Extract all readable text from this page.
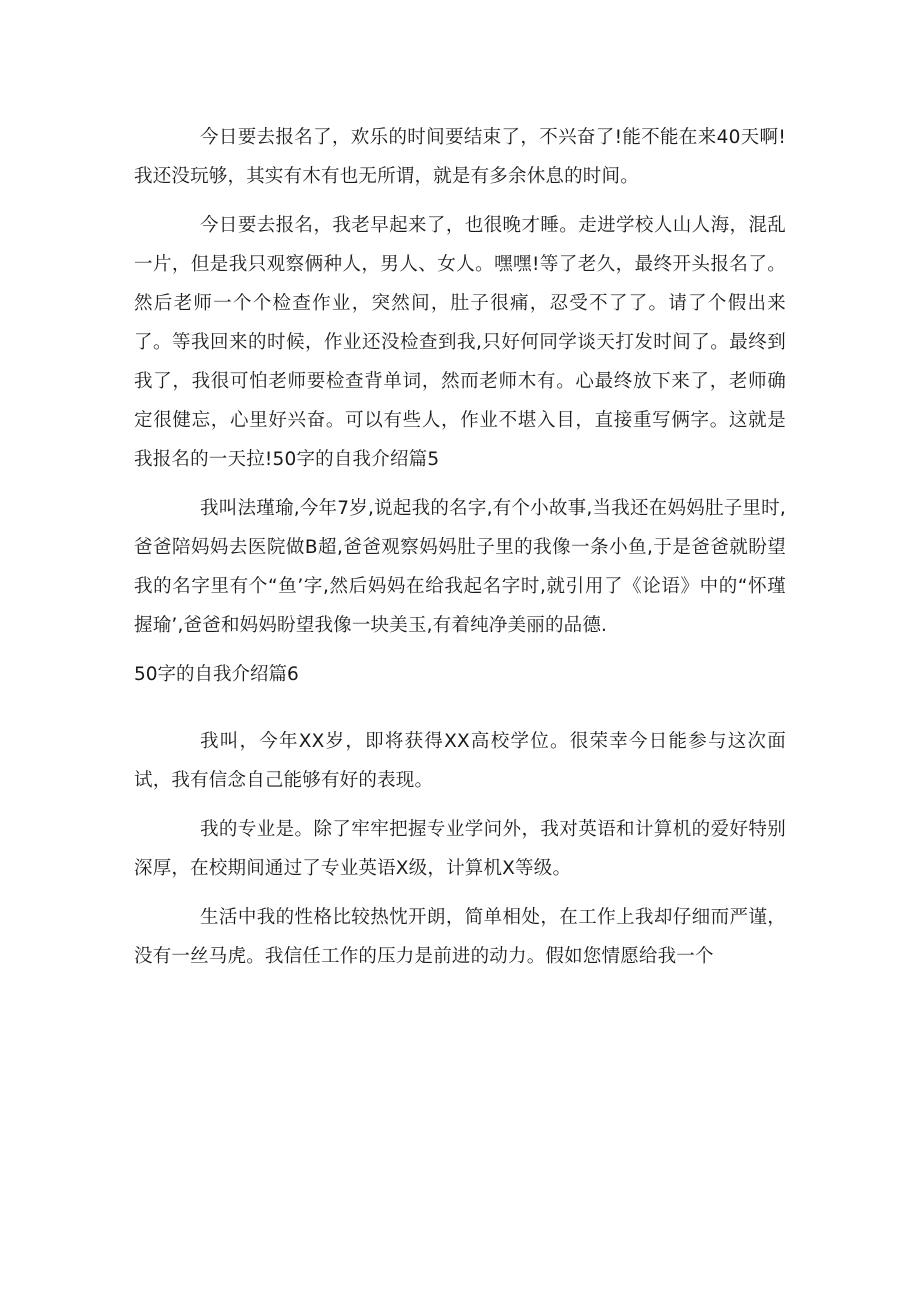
今日要去报名了，欢乐的时间要结束了，不兴奋了!能不能在来40天啊!我还没玩够，其实有木有也无所谓，就是有多余休息的时间。

今日要去报名，我老早起来了，也很晚才睡。走进学校人山人海，混乱一片，但是我只观察俩种人，男人、女人。嘿嘿!等了老久，最终开头报名了。然后老师一个个检查作业，突然间，肚子很痛，忍受不了了。请了个假出来了。等我回来的时候，作业还没检查到我,只好何同学谈天打发时间了。最终到我了，我很可怕老师要检查背单词，然而老师木有。心最终放下来了，老师确定很健忘，心里好兴奋。可以有些人，作业不堪入目，直接重写俩字。这就是我报名的一天拉!50字的自我介绍篇5

我叫法瑾瑜,今年7岁,说起我的名字,有个小故事,当我还在妈妈肚子里时,爸爸陪妈妈去医院做B超,爸爸观察妈妈肚子里的我像一条小鱼,于是爸爸就盼望我的名字里有个“鱼’字,然后妈妈在给我起名字时,就引用了《论语》中的“怀瑾握瑜’,爸爸和妈妈盼望我像一块美玉,有着纯净美丽的品德.

50字的自我介绍篇6

我叫，今年XX岁，即将获得XX高校学位。很荣幸今日能参与这次面试，我有信念自己能够有好的表现。

我的专业是。除了牢牢把握专业学问外，我对英语和计算机的爱好特别深厚，在校期间通过了专业英语X级，计算机X等级。

生活中我的性格比较热忱开朗，简单相处，在工作上我却仔细而严谨，没有一丝马虎。我信任工作的压力是前进的动力。假如您情愿给我一个
